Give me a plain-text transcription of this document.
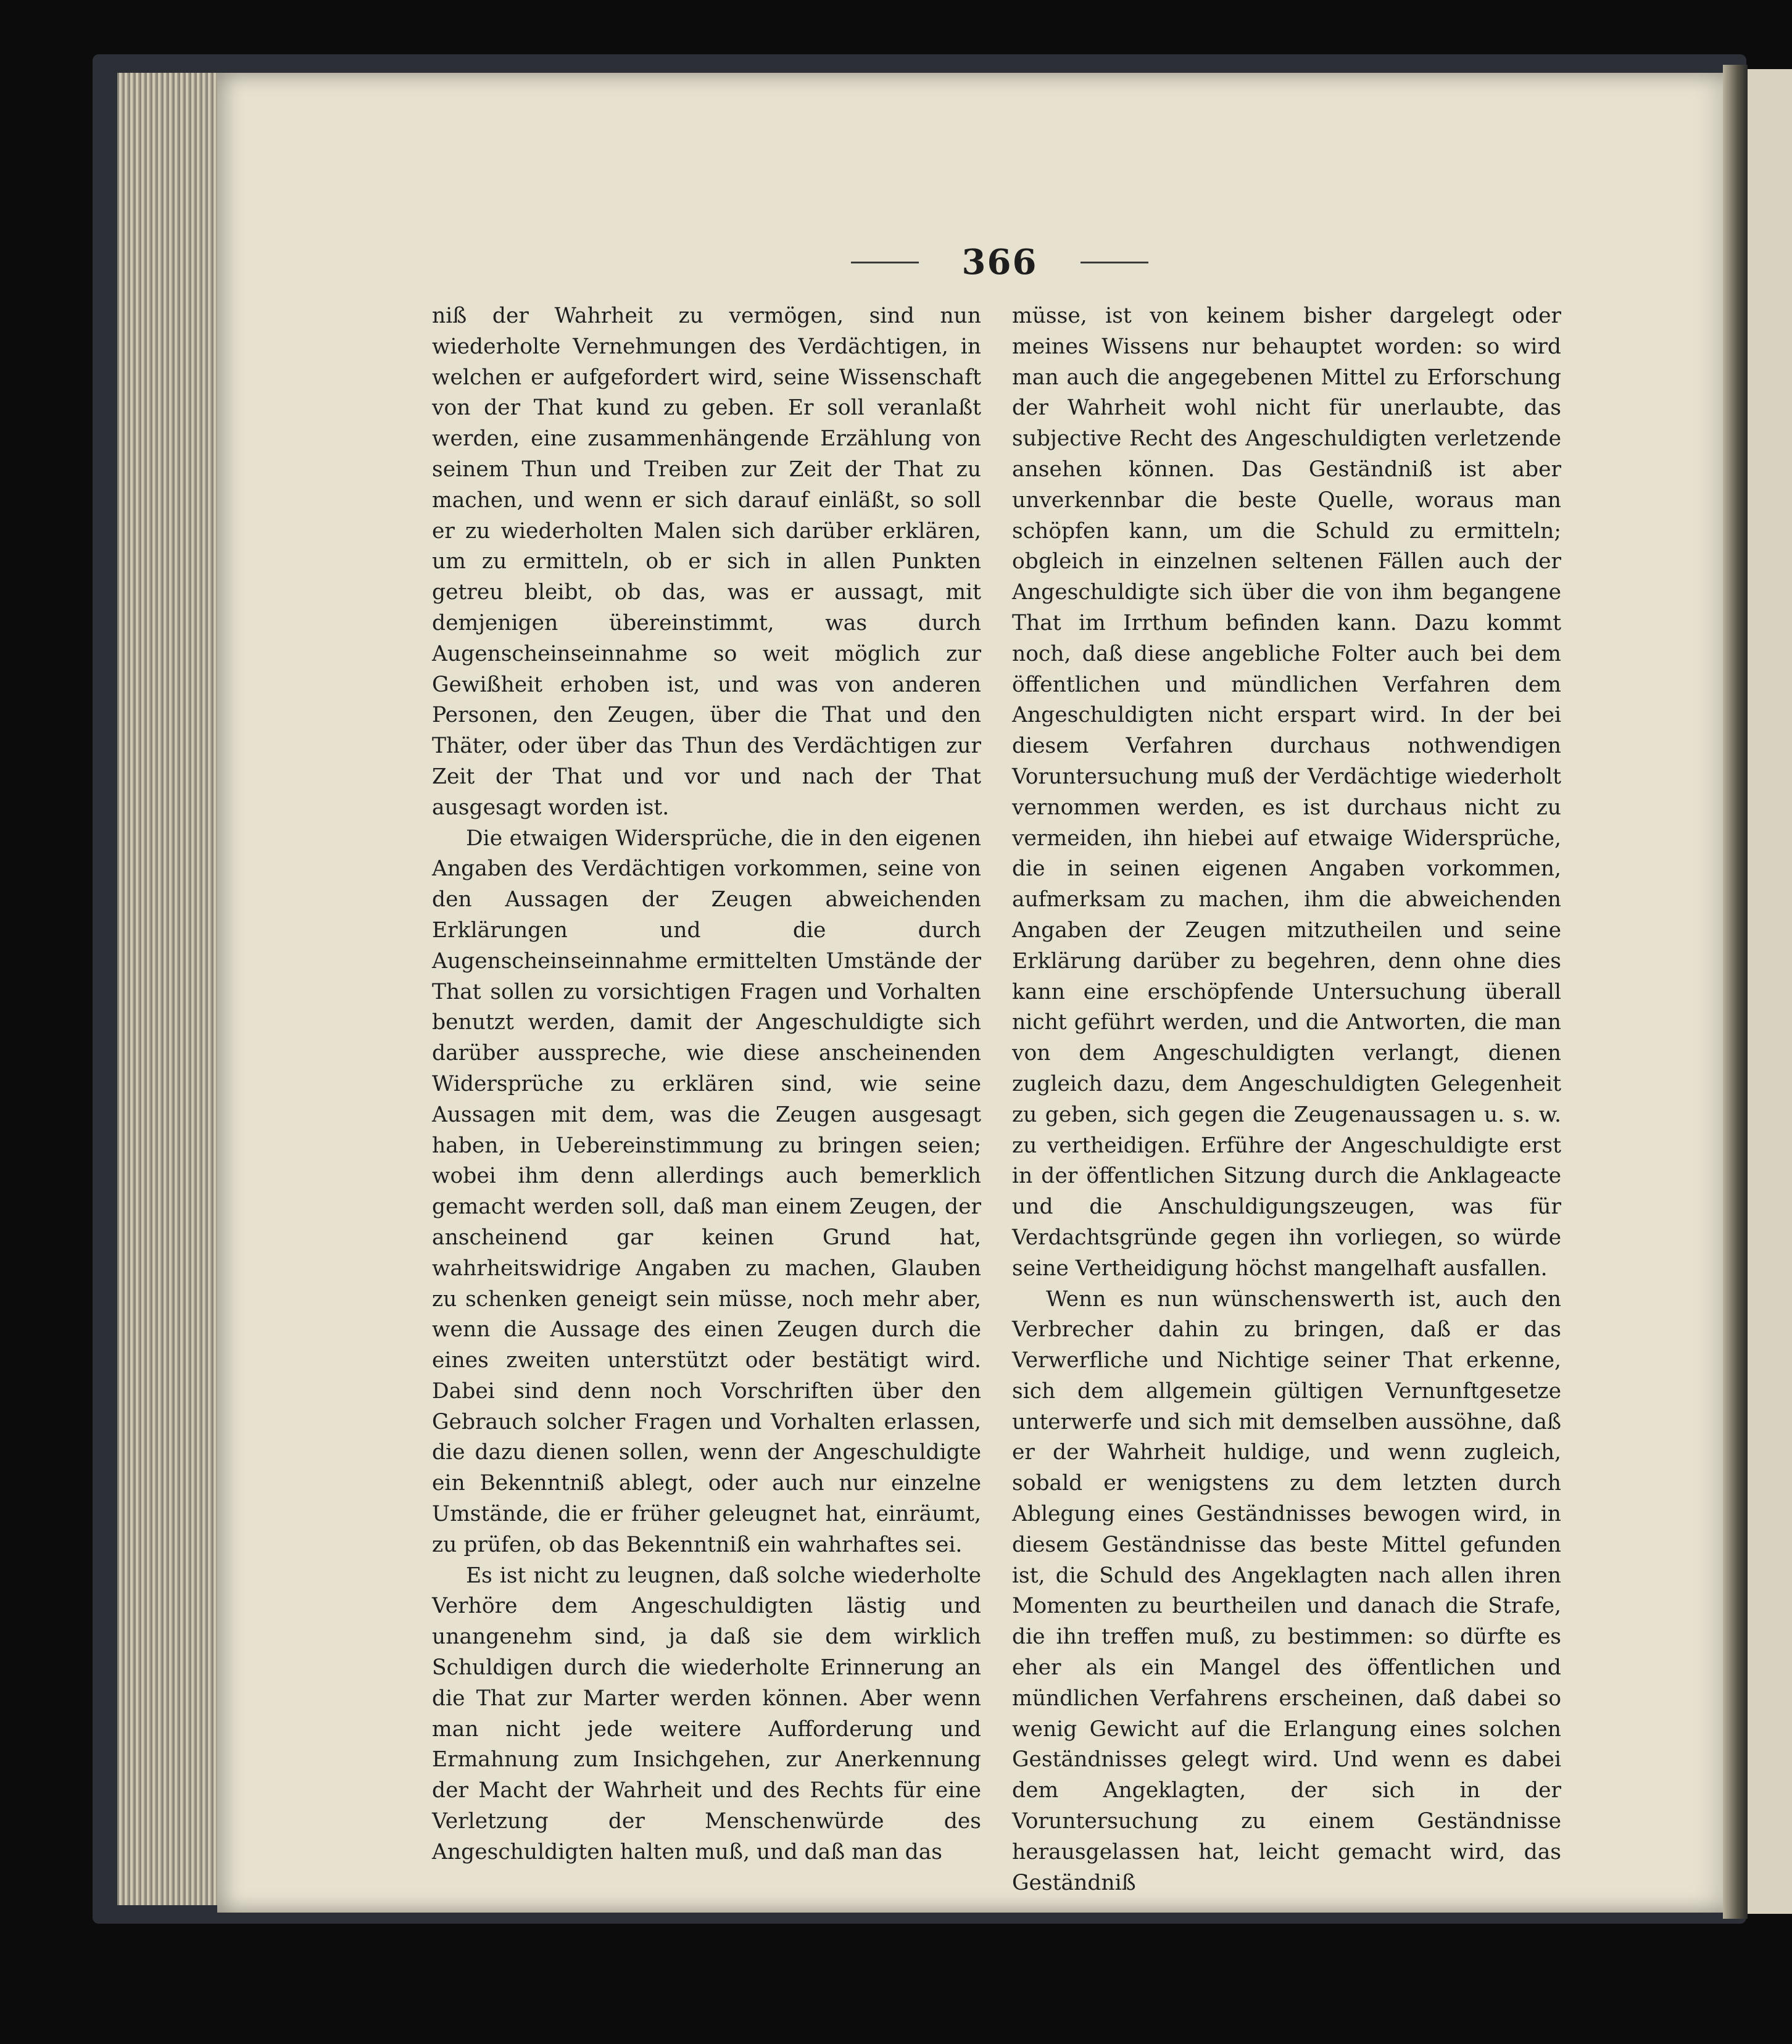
366

niß der Wahrheit zu vermögen, sind nun wiederholte Vernehmungen des Verdächtigen, in welchen er aufgefordert wird, seine Wissenschaft von der That kund zu geben. Er soll veranlaßt werden, eine zusammenhängende Erzählung von seinem Thun und Treiben zur Zeit der That zu machen, und wenn er sich darauf einläßt, so soll er zu wiederholten Malen sich darüber erklären, um zu ermitteln, ob er sich in allen Punkten getreu bleibt, ob das, was er aussagt, mit demjenigen übereinstimmt, was durch Augenscheinseinnahme so weit möglich zur Gewißheit erhoben ist, und was von anderen Personen, den Zeugen, über die That und den Thäter, oder über das Thun des Verdächtigen zur Zeit der That und vor und nach der That ausgesagt worden ist.

Die etwaigen Widersprüche, die in den eigenen Angaben des Verdächtigen vorkommen, seine von den Aussagen der Zeugen abweichenden Erklärungen und die durch Augenscheinseinnahme ermittelten Umstände der That sollen zu vorsichtigen Fragen und Vorhalten benutzt werden, damit der Angeschuldigte sich darüber ausspreche, wie diese anscheinenden Widersprüche zu erklären sind, wie seine Aussagen mit dem, was die Zeugen ausgesagt haben, in Uebereinstimmung zu bringen seien; wobei ihm denn allerdings auch bemerklich gemacht werden soll, daß man einem Zeugen, der anscheinend gar keinen Grund hat, wahrheitswidrige Angaben zu machen, Glauben zu schenken geneigt sein müsse, noch mehr aber, wenn die Aussage des einen Zeugen durch die eines zweiten unterstützt oder bestätigt wird. Dabei sind denn noch Vorschriften über den Gebrauch solcher Fragen und Vorhalten erlassen, die dazu dienen sollen, wenn der Angeschuldigte ein Bekenntniß ablegt, oder auch nur einzelne Umstände, die er früher geleugnet hat, einräumt, zu prüfen, ob das Bekenntniß ein wahrhaftes sei.

Es ist nicht zu leugnen, daß solche wiederholte Verhöre dem Angeschuldigten lästig und unangenehm sind, ja daß sie dem wirklich Schuldigen durch die wiederholte Erinnerung an die That zur Marter werden können. Aber wenn man nicht jede weitere Aufforderung und Ermahnung zum Insichgehen, zur Anerkennung der Macht der Wahrheit und des Rechts für eine Verletzung der Menschenwürde des Angeschuldigten halten muß, und daß man das

müsse, ist von keinem bisher dargelegt oder meines Wissens nur behauptet worden: so wird man auch die angegebenen Mittel zu Erforschung der Wahrheit wohl nicht für unerlaubte, das subjective Recht des Angeschuldigten verletzende ansehen können. Das Geständniß ist aber unverkennbar die beste Quelle, woraus man schöpfen kann, um die Schuld zu ermitteln; obgleich in einzelnen seltenen Fällen auch der Angeschuldigte sich über die von ihm begangene That im Irrthum befinden kann. Dazu kommt noch, daß diese angebliche Folter auch bei dem öffentlichen und mündlichen Verfahren dem Angeschuldigten nicht erspart wird. In der bei diesem Verfahren durchaus nothwendigen Voruntersuchung muß der Verdächtige wiederholt vernommen werden, es ist durchaus nicht zu vermeiden, ihn hiebei auf etwaige Widersprüche, die in seinen eigenen Angaben vorkommen, aufmerksam zu machen, ihm die abweichenden Angaben der Zeugen mitzutheilen und seine Erklärung darüber zu begehren, denn ohne dies kann eine erschöpfende Untersuchung überall nicht geführt werden, und die Antworten, die man von dem Angeschuldigten verlangt, dienen zugleich dazu, dem Angeschuldigten Gelegenheit zu geben, sich gegen die Zeugenaussagen u. s. w. zu vertheidigen. Erführe der Angeschuldigte erst in der öffentlichen Sitzung durch die Anklageacte und die Anschuldigungszeugen, was für Verdachtsgründe gegen ihn vorliegen, so würde seine Vertheidigung höchst mangelhaft ausfallen.

Wenn es nun wünschenswerth ist, auch den Verbrecher dahin zu bringen, daß er das Verwerfliche und Nichtige seiner That erkenne, sich dem allgemein gültigen Vernunftgesetze unterwerfe und sich mit demselben aussöhne, daß er der Wahrheit huldige, und wenn zugleich, sobald er wenigstens zu dem letzten durch Ablegung eines Geständnisses bewogen wird, in diesem Geständnisse das beste Mittel gefunden ist, die Schuld des Angeklagten nach allen ihren Momenten zu beurtheilen und danach die Strafe, die ihn treffen muß, zu bestimmen: so dürfte es eher als ein Mangel des öffentlichen und mündlichen Verfahrens erscheinen, daß dabei so wenig Gewicht auf die Erlangung eines solchen Geständnisses gelegt wird. Und wenn es dabei dem Angeklagten, der sich in der Voruntersuchung zu einem Geständnisse herausgelassen hat, leicht gemacht wird, das Geständniß
